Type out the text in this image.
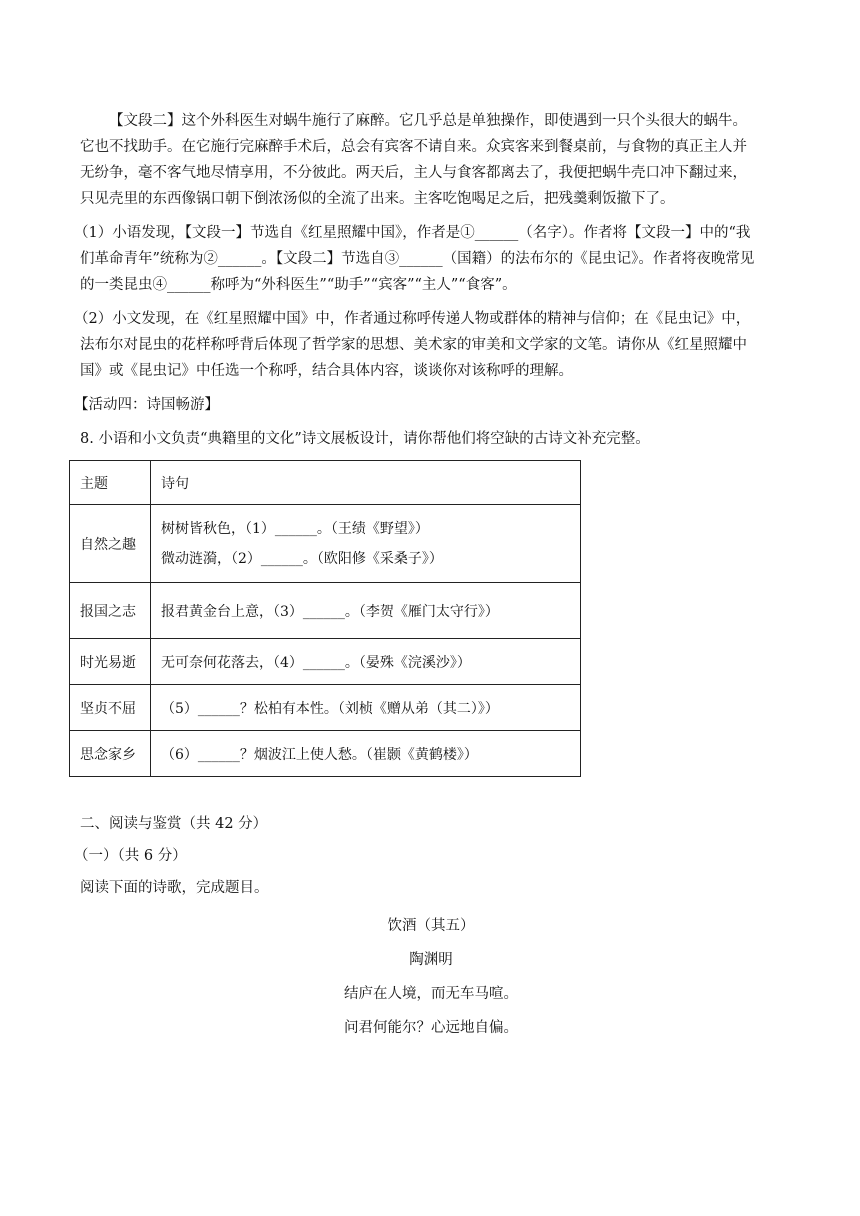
【文段二】这个外科医生对蜗牛施行了麻醉。它几乎总是单独操作，即使遇到一只个头很大的蜗牛。

它也不找助手。在它施行完麻醉手术后，总会有宾客不请自来。众宾客来到餐桌前，与食物的真正主人并

无纷争，毫不客气地尽情享用，不分彼此。两天后，主人与食客都离去了，我便把蜗牛壳口冲下翻过来，

只见壳里的东西像锅口朝下倒浓汤似的全流了出来。主客吃饱喝足之后，把残羹剩饭撤下了。

（1）小语发现，【文段一】节选自《红星照耀中国》，作者是①______（名字）。作者将【文段一】中的“我

们革命青年”统称为②______。【文段二】节选自③______（国籍）的法布尔的《昆虫记》。作者将夜晚常见

的一类昆虫④______称呼为“外科医生”“助手”“宾客”“主人”“食客”。

（2）小文发现，在《红星照耀中国》中，作者通过称呼传递人物或群体的精神与信仰；在《昆虫记》中，

法布尔对昆虫的花样称呼背后体现了哲学家的思想、美术家的审美和文学家的文笔。请你从《红星照耀中

国》或《昆虫记》中任选一个称呼，结合具体内容，谈谈你对该称呼的理解。

【活动四：诗国畅游】

8. 小语和小文负责“典籍里的文化”诗文展板设计，请你帮他们将空缺的古诗文补充完整。

主题	诗句
自然之趣	树树皆秋色，（1）______。（王绩《野望》）
微动涟漪，（2）______。（欧阳修《采桑子》）

报国之志	报君黄金台上意，（3）______。（李贺《雁门太守行》）
时光易逝	无可奈何花落去，（4）______。（晏殊《浣溪沙》）
坚贞不屈	（5）______？松柏有本性。（刘桢《赠从弟（其二）》）
思念家乡	（6）______？烟波江上使人愁。（崔颢《黄鹤楼》）

二、阅读与鉴赏（共 42 分）

（一）（共 6 分）

阅读下面的诗歌，完成题目。

饮酒（其五）

陶渊明

结庐在人境，而无车马喧。

问君何能尔？心远地自偏。
